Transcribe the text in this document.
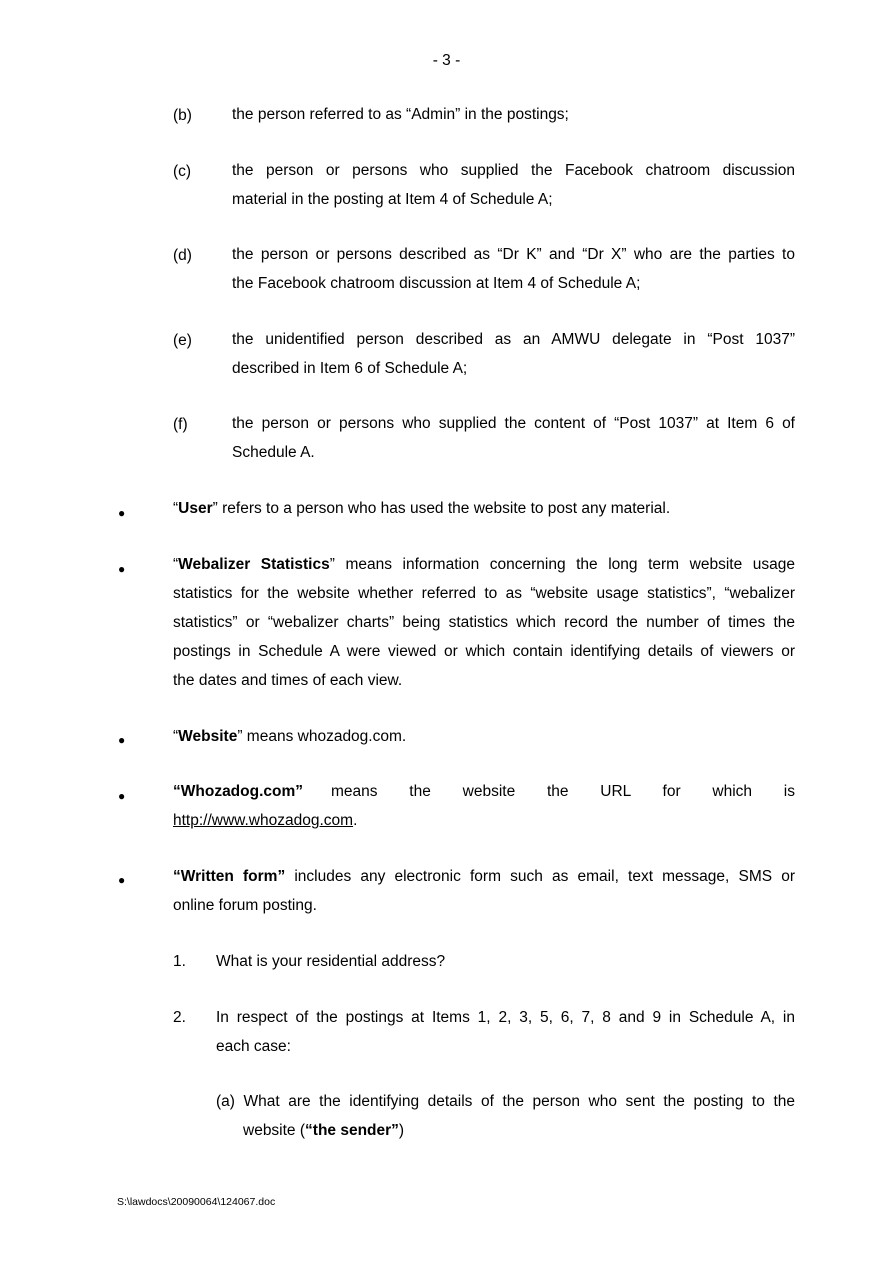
- 3 -
(b)	the person referred to as “Admin” in the postings;
(c)	the person or persons who supplied the Facebook chatroom discussion
material in the posting at Item 4 of Schedule A;
(d)	the person or persons described as “Dr K” and “Dr X” who are the parties to
the Facebook chatroom discussion at Item 4 of Schedule A;
(e)	the unidentified person described as an AMWU delegate in “Post 1037”
described in Item 6 of Schedule A;
(f)	the person or persons who supplied the content of “Post 1037” at Item 6 of
Schedule A.
●	“User” refers to a person who has used the website to post any material.
●	“Webalizer Statistics” means information concerning the long term website usage
statistics for the website whether referred to as “website usage statistics”, “webalizer
statistics” or “webalizer charts” being statistics which record the number of times the
postings in Schedule A were viewed or which contain identifying details of viewers or
the dates and times of each view.
●	“Website” means whozadog.com.
●	“Whozadog.com” means the website the URL for which is
http://www.whozadog.com.
●	“Written form” includes any electronic form such as email, text message, SMS or
online forum posting.
1. What is your residential address?
2. In respect of the postings at Items 1, 2, 3, 5, 6, 7, 8 and 9 in Schedule A, in
each case:
(a) What are the identifying details of the person who sent the posting to the
website (“the sender”)
S:\lawdocs\20090064\124067.doc
